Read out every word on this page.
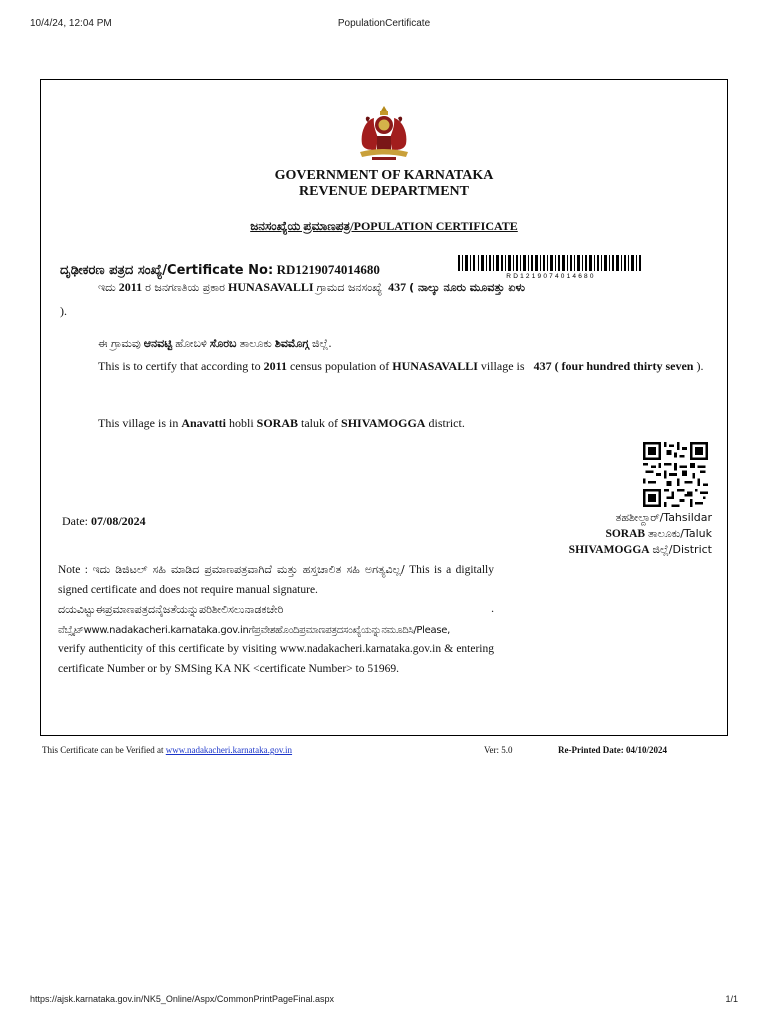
10/4/24, 12:04 PM	PopulationCertificate
GOVERNMENT OF KARNATAKA
REVENUE DEPARTMENT
ಜನಸಂಖ್ಯೆಯ ಪ್ರಮಾಣಪತ್ರ/POPULATION CERTIFICATE
ದೃಢೀಕರಣ ಪತ್ರದ ಸಂಖ್ಯೆ/Certificate No: RD1219074014680	RD1219074014680
ಇದು 2011 ರ ಜನಗಣತಿಯ ಪ್ರಕಾರ HUNASAVALLI ಗ್ರಾಮದ ಜನಸಂಖ್ಯೆ 437 ( ನಾಲ್ಕು ನೂರು ಮೂವತ್ತು ಏಳು
).
ಈ ಗ್ರಾಮವು ಆನವಟ್ಟಿ ಹೋಬಳಿ ಸೊರಬ ತಾಲೂಕು ಶಿವಮೊಗ್ಗ ಜಿಲ್ಲೆ.
This is to certify that according to 2011 census population of HUNASAVALLI village is 437 ( four hundred thirty seven ).
This village is in Anavatti hobli SORAB taluk of SHIVAMOGGA district.
Date: 07/08/2024	ತಹಶೀಲ್ದಾರ್/Tahsildar
SORAB ತಾಲೂಕು/Taluk
SHIVAMOGGA ಜಿಲ್ಲೆ/District
Note : ಇದು ಡಿಜಿಟಲ್ ಸಹಿ ಮಾಡಿದ ಪ್ರಮಾಣಪತ್ರವಾಗಿದೆ ಮತ್ತು ಹಸ್ತಚಾಲಿತ ಸಹಿ ಅಗತ್ಯವಿಲ್ಲ/ This is a digitally signed certificate and does not require manual signature.
ದಯವಿಟ್ಟುಈಪ್ರಮಾಣಪತ್ರದನೈಜತೆಯನ್ನುಪರಿಶೀಲಿಸಲುನಾಡಕಚೇರಿ	.
ವೆಬ್ಸೈಟ್www.nadakacheri.karnataka.gov.inಗೆಪ್ರವೇಶಹೊಂದಿಪ್ರಮಾಣಪತ್ರದಸಂಖ್ಯೆಯನ್ನುನಮೂದಿಸಿ/Please,
verify authenticity of this certificate by visiting www.nadakacheri.karnataka.gov.in & entering certificate Number or by SMSing KA NK <certificate Number> to 51969.
This Certificate can be Verified at www.nadakacheri.karnataka.gov.in	Ver: 5.0	Re-Printed Date: 04/10/2024
https://ajsk.karnataka.gov.in/NK5_Online/Aspx/CommonPrintPageFinal.aspx	1/1
